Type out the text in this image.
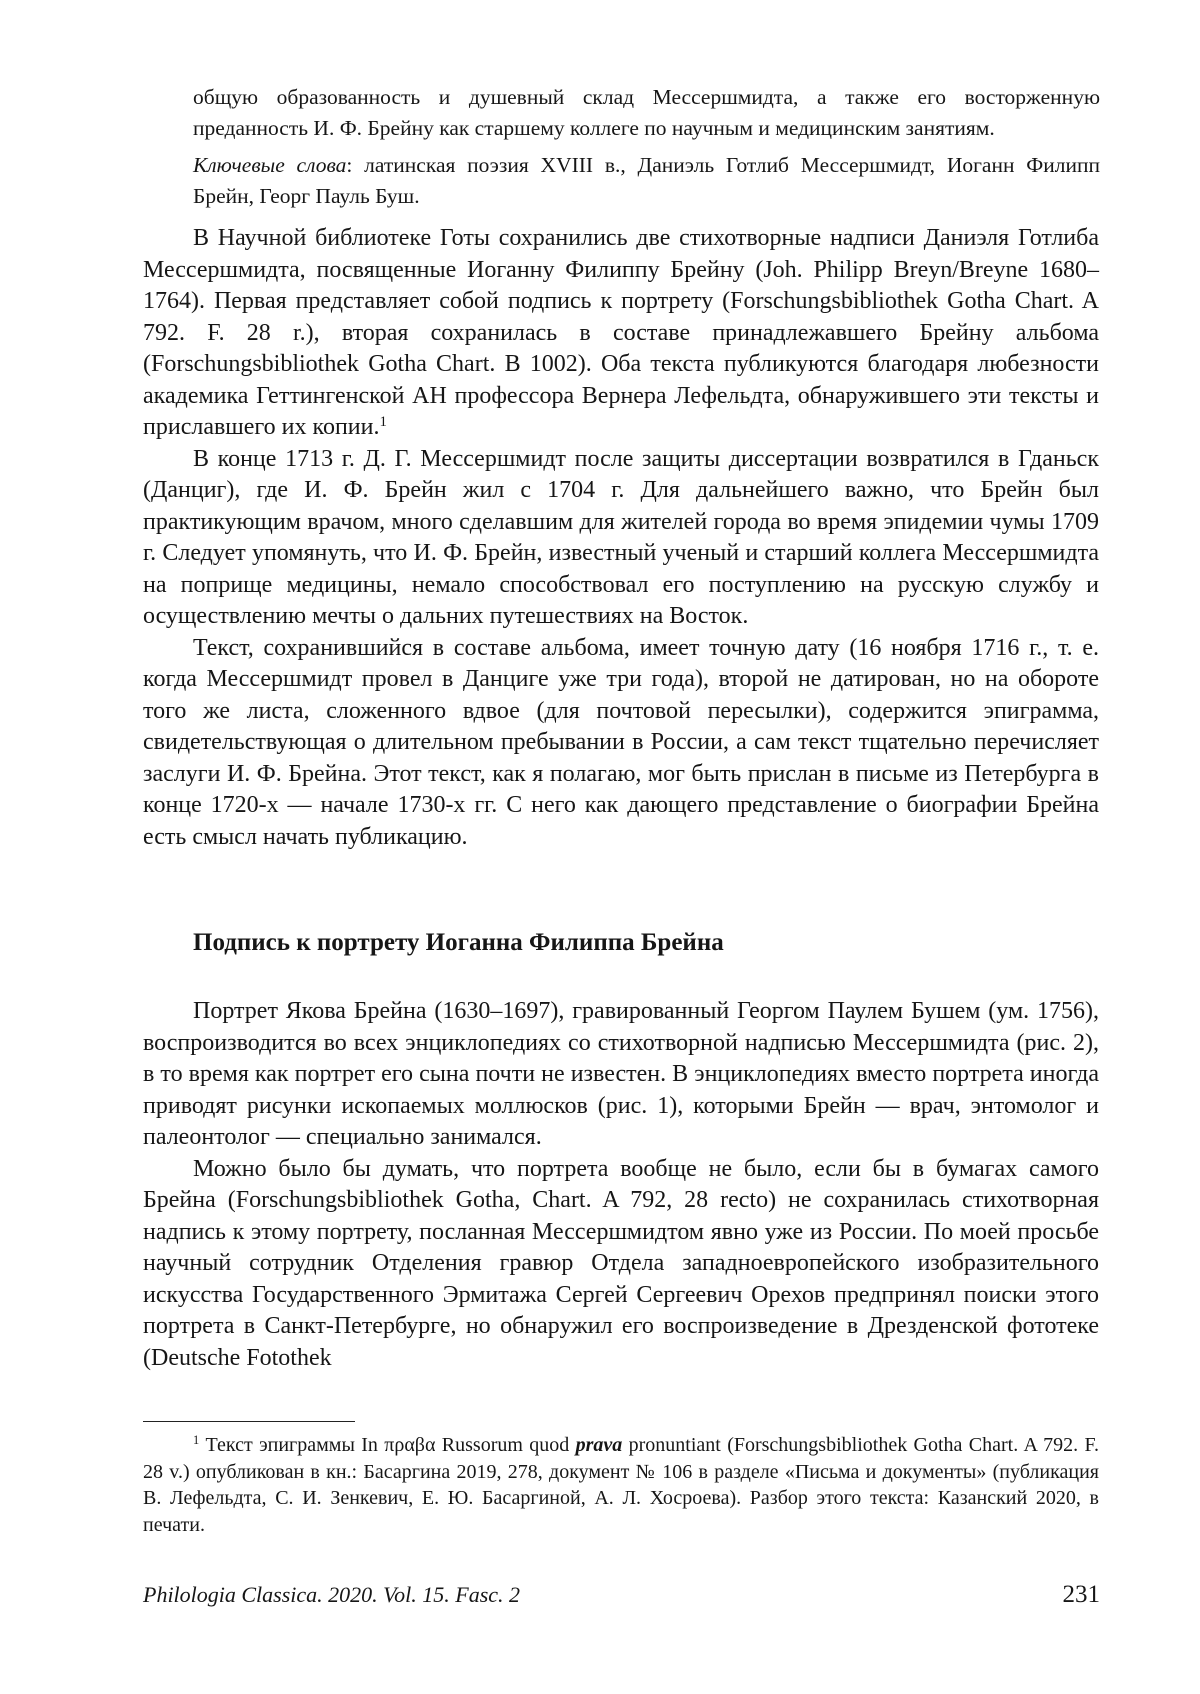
общую образованность и душевный склад Мессершмидта, а также его восторженную преданность И. Ф. Брейну как старшему коллеге по научным и медицинским занятиям.

Ключевые слова: латинская поэзия XVIII в., Даниэль Готлиб Мессершмидт, Иоганн Филипп Брейн, Георг Пауль Буш.

В Научной библиотеке Готы сохранились две стихотворные надписи Даниэля Готлиба Мессершмидта, посвященные Иоганну Филиппу Брейну (Joh. Philipp Breyn/Breyne 1680–1764). Первая представляет собой подпись к портрету (Forschungsbibliothek Gotha Chart. A 792. F. 28 r.), вторая сохранилась в составе принадлежавшего Брейну альбома (Forschungsbibliothek Gotha Chart. B 1002). Оба текста публикуются благодаря любезности академика Геттингенской АН профессора Вернера Лефельдта, обнаружившего эти тексты и приславшего их копии.$^1$

В конце 1713 г. Д. Г. Мессершмидт после защиты диссертации возвратился в Гданьск (Данциг), где И. Ф. Брейн жил с 1704 г. Для дальнейшего важно, что Брейн был практикующим врачом, много сделавшим для жителей города во время эпидемии чумы 1709 г. Следует упомянуть, что И. Ф. Брейн, известный ученый и старший коллега Мессершмидта на поприще медицины, немало способствовал его поступлению на русскую службу и осуществлению мечты о дальних путешествиях на Восток.

Текст, сохранившийся в составе альбома, имеет точную дату (16 ноября 1716 г., т. е. когда Мессершмидт провел в Данциге уже три года), второй не датирован, но на обороте того же листа, сложенного вдвое (для почтовой пересылки), содержится эпиграмма, свидетельствующая о длительном пребывании в России, а сам текст тщательно перечисляет заслуги И. Ф. Брейна. Этот текст, как я полагаю, мог быть прислан в письме из Петербурга в конце 1720-х — начале 1730-х гг. С него как дающего представление о биографии Брейна есть смысл начать публикацию.

Подпись к портрету Иоганна Филиппа Брейна

Портрет Якова Брейна (1630–1697), гравированный Георгом Паулем Бушем (ум. 1756), воспроизводится во всех энциклопедиях со стихотворной надписью Мессершмидта (рис. 2), в то время как портрет его сына почти не известен. В энциклопедиях вместо портрета иногда приводят рисунки ископаемых моллюсков (рис. 1), которыми Брейн — врач, энтомолог и палеонтолог — специально занимался.

Можно было бы думать, что портрета вообще не было, если бы в бумагах самого Брейна (Forschungsbibliothek Gotha, Chart. A 792, 28 recto) не сохранилась стихотворная надпись к этому портрету, посланная Мессершмидтом явно уже из России. По моей просьбе научный сотрудник Отделения гравюр Отдела западноевропейского изобразительного искусства Государственного Эрмитажа Сергей Сергеевич Орехов предпринял поиски этого портрета в Санкт-Петербурге, но обнаружил его воспроизведение в Дрезденской фототеке (Deutsche Fotothek

$^1$ Текст эпиграммы In πραβα Russorum quod prava pronuntiant (Forschungsbibliothek Gotha Chart. A 792. F. 28 v.) опубликован в кн.: Басаргина 2019, 278, документ № 106 в разделе «Письма и документы» (публикация В. Лефельдта, С. И. Зенкевич, Е. Ю. Басаргиной, А. Л. Хосроева). Разбор этого текста: Казанский 2020, в печати.

Philologia Classica. 2020. Vol. 15. Fasc. 2	231
